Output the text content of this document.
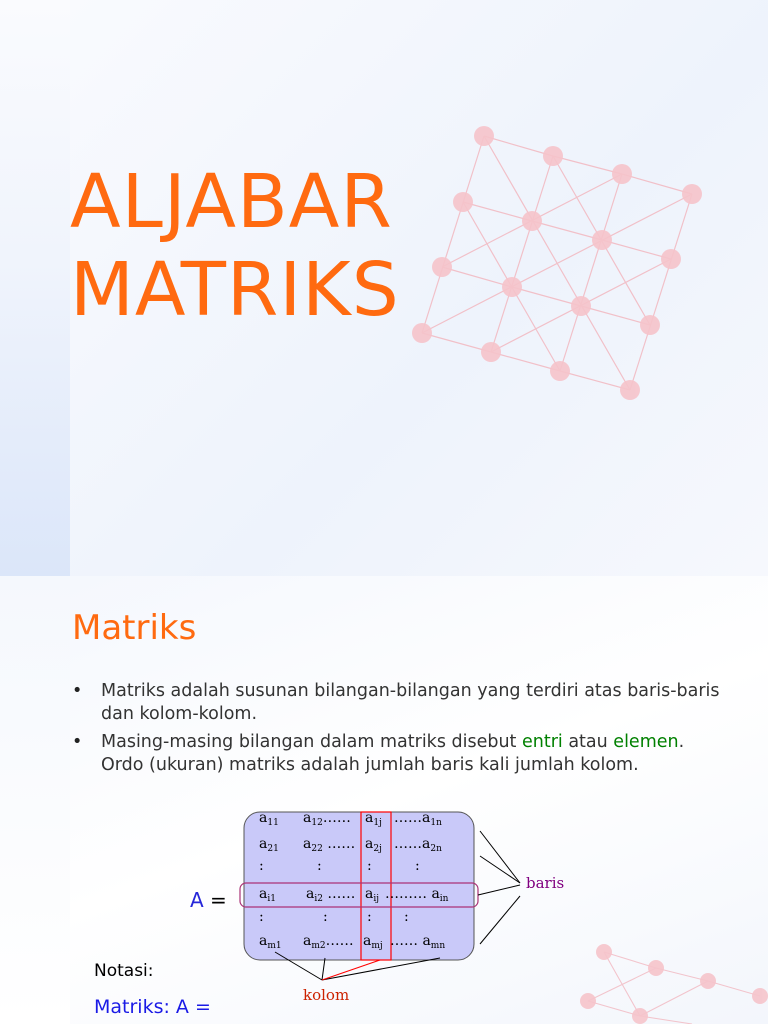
ALJABAR
MATRIKS
Matriks
• Matriks adalah susunan bilangan-bilangan yang terdiri atas baris-baris dan kolom-kolom.
• Masing-masing bilangan dalam matriks disebut entri atau elemen. Ordo (ukuran) matriks adalah jumlah baris kali jumlah kolom.
A =
$a_{11}$ $a_{12}\dots\dots$ $a_{1j}$ $\dots\dots a_{1n}$
$a_{21}$ $a_{22}$ …… $a_{2j}$ $\dots\dots a_{2n}$
:	:	:	:
$a_{i1}$ $a_{i2}$ …… $a_{ij}$ ……… $a_{in}$
:	:	: :
$a_{m1}$ $a_{m2}\dots\dots$ $a_{mj}$ …… $a_{mn}$
baris
kolom
Notasi:
Matriks: A =
